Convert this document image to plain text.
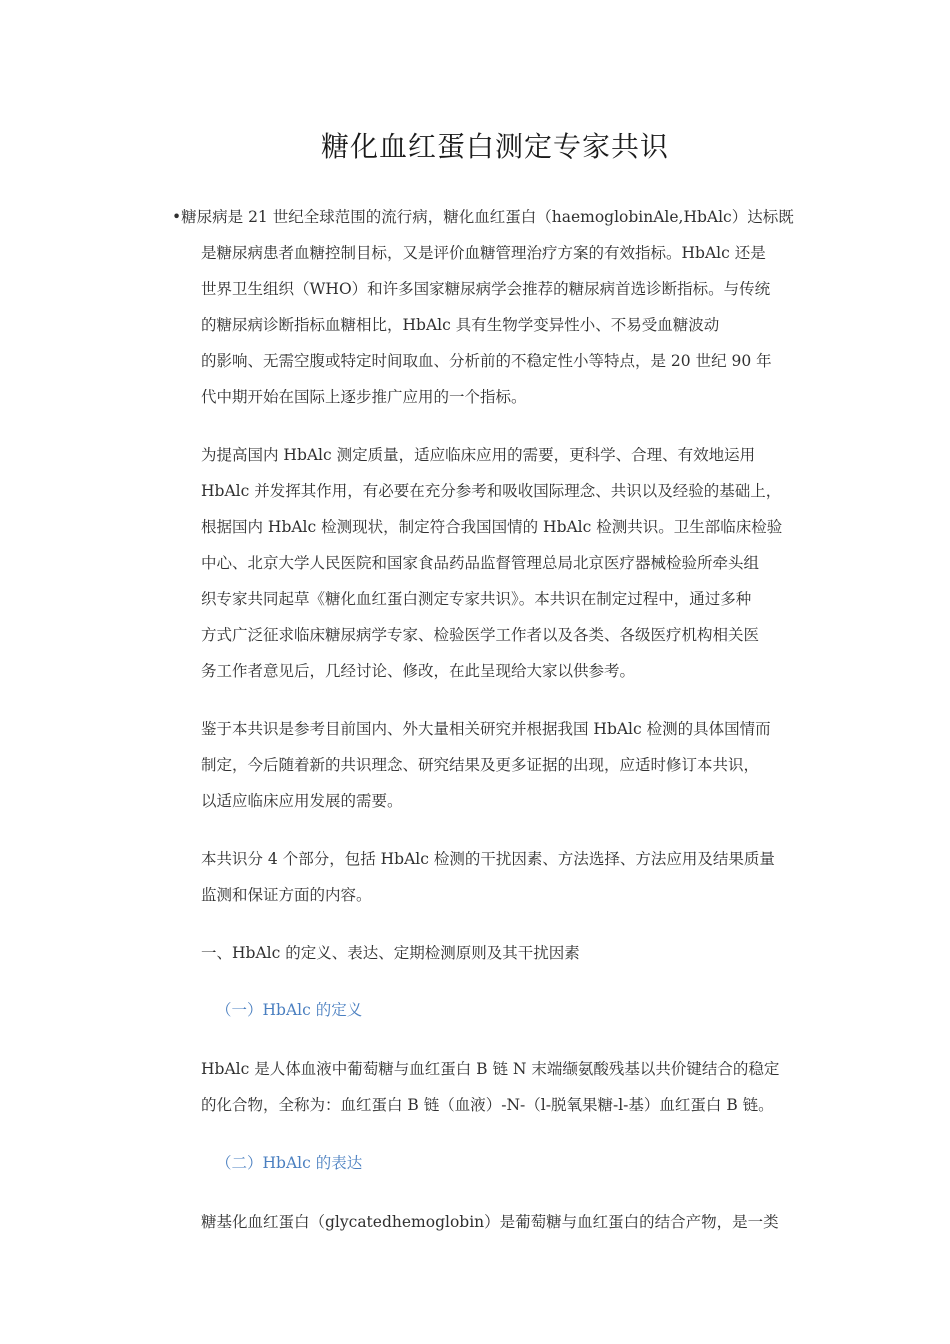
糖化血红蛋白测定专家共识
•糖尿病是 21 世纪全球范围的流行病，糖化血红蛋白（haemoglobinAle,HbAlc）达标既
是糖尿病患者血糖控制目标，又是评价血糖管理治疗方案的有效指标。HbAlc 还是
世界卫生组织（WHO）和许多国家糖尿病学会推荐的糖尿病首选诊断指标。与传统
的糖尿病诊断指标血糖相比，HbAlc 具有生物学变异性小、不易受血糖波动
的影响、无需空腹或特定时间取血、分析前的不稳定性小等特点，是 20 世纪 90 年
代中期开始在国际上逐步推广应用的一个指标。
为提高国内 HbAlc 测定质量，适应临床应用的需要，更科学、合理、有效地运用
HbAlc 并发挥其作用，有必要在充分参考和吸收国际理念、共识以及经验的基础上，
根据国内 HbAlc 检测现状，制定符合我国国情的 HbAlc 检测共识。卫生部临床检验
中心、北京大学人民医院和国家食品药品监督管理总局北京医疗器械检验所牵头组
织专家共同起草《糖化血红蛋白测定专家共识》。本共识在制定过程中，通过多种
方式广泛征求临床糖尿病学专家、检验医学工作者以及各类、各级医疗机构相关医
务工作者意见后，几经讨论、修改，在此呈现给大家以供参考。
鉴于本共识是参考目前国内、外大量相关研究并根据我国 HbAlc 检测的具体国情而
制定，今后随着新的共识理念、研究结果及更多证据的出现，应适时修订本共识，
以适应临床应用发展的需要。
本共识分 4 个部分，包括 HbAlc 检测的干扰因素、方法选择、方法应用及结果质量
监测和保证方面的内容。
一、HbAlc 的定义、表达、定期检测原则及其干扰因素
（一）HbAlc 的定义
HbAlc 是人体血液中葡萄糖与血红蛋白 B 链 N 末端缬氨酸残基以共价键结合的稳定
的化合物，全称为：血红蛋白 B 链（血液）-N-（l-脱氧果糖-l-基）血红蛋白 B 链。
（二）HbAlc 的表达
糖基化血红蛋白（glycatedhemoglobin）是葡萄糖与血红蛋白的结合产物，是一类
